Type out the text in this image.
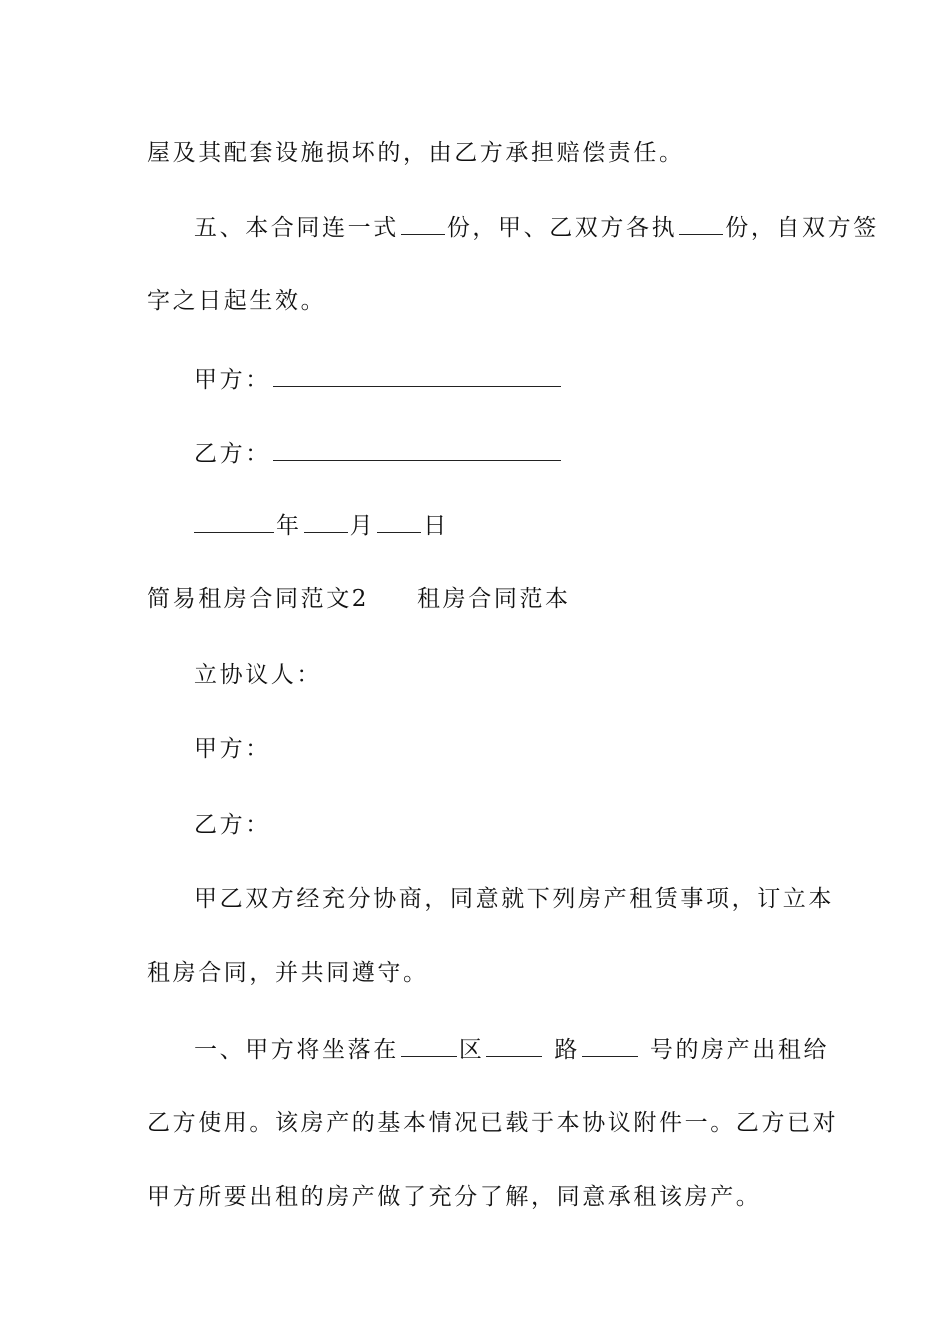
屋及其配套设施损坏的，由乙方承担赔偿责任。
五、本合同连一式 份，甲、乙双方各执 份，自双方签
字之日起生效。
甲方：
乙方：
年 月 日
简易租房合同范文2 租房合同范本
立协议人：
甲方：
乙方：
甲乙双方经充分协商，同意就下列房产租赁事项，订立本
租房合同，并共同遵守。
一、甲方将坐落在	区	路	号的房产出租给
乙方使用。该房产的基本情况已载于本协议附件一。乙方已对
甲方所要出租的房产做了充分了解，同意承租该房产。
